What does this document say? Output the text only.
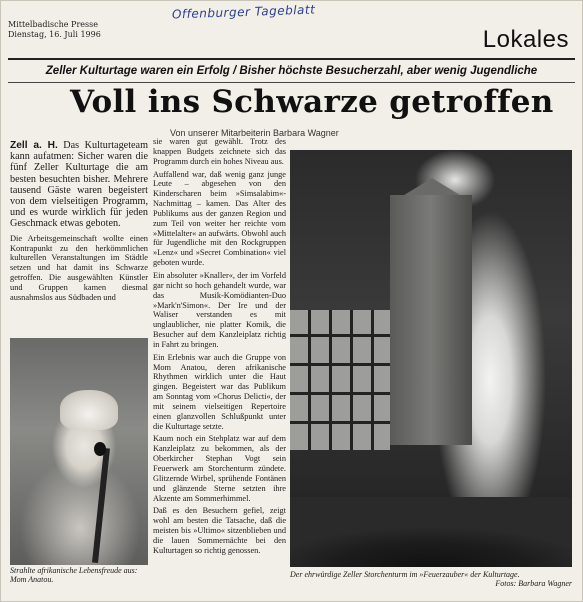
Offenburger Tageblatt
Mittelbadische Presse
Dienstag, 16. Juli 1996	Lokales
Zeller Kulturtage waren ein Erfolg / Bisher höchste Besucherzahl, aber wenig Jugendliche
Voll ins Schwarze getroffen
Von unserer Mitarbeiterin Barbara Wagner

Zell a. H. Das Kulturtageteam kann aufatmen: Sicher waren die fünf Zeller Kulturtage die am besten besuchten bisher. Mehrere tausend Gäste waren begeistert von dem vielseitigen Programm, und es wurde wirklich für jeden Geschmack etwas geboten.

Die Arbeitsgemeinschaft wollte einen Kontrapunkt zu den herkömmlichen kulturellen Veranstaltungen im Städtle setzen und hat damit ins Schwarze getroffen. Die ausgewählten Künstler und Gruppen kamen diesmal ausnahmslos aus Südbaden und

Strahlte afrikanische Lebensfreude aus: Mom Anatou.

sie waren gut gewählt. Trotz des knappen Budgets zeichnete sich das Programm durch ein hohes Niveau aus.

Auffallend war, daß wenig ganz junge Leute – abgesehen von den Kinderscharen beim »Simsalabim«-Nachmittag – kamen. Das Alter des Publikums aus der ganzen Region und zum Teil von weiter her reichte vom »Mittelalter« an aufwärts. Obwohl auch für Jugendliche mit den Rockgruppen »Lenz« und »Secret Combination« viel geboten wurde.

Ein absoluter »Knaller«, der im Vorfeld gar nicht so hoch gehandelt wurde, war das Musik-Komödianten-Duo »Mark'n'Simon«. Der Ire und der Waliser verstanden es mit unglaublicher, nie platter Komik, die Besucher auf dem Kanzleiplatz richtig in Fahrt zu bringen.

Ein Erlebnis war auch die Gruppe von Mom Anatou, deren afrikanische Rhythmen wirklich unter die Haut gingen. Begeistert war das Publikum am Sonntag vom »Chorus Delicti«, der mit seinem vielseitigen Repertoire einen glanzvollen Schlußpunkt unter die Kulturtage setzte.

Kaum noch ein Stehplatz war auf dem Kanzleiplatz zu bekommen, als der Oberkircher Stephan Vogt sein Feuerwerk am Storchenturm zündete. Glitzernde Wirbel, sprühende Fontänen und glänzende Sterne setzten ihre Akzente am Sommerhimmel.

Daß es den Besuchern gefiel, zeigt wohl am besten die Tatsache, daß die meisten bis »Ultimo« sitzenblieben und die lauen Sommernächte bei den Kulturtagen so richtig genossen.

Der ehrwürdige Zeller Storchenturm im »Feuerzauber« der Kulturtage.
Fotos: Barbara Wagner
